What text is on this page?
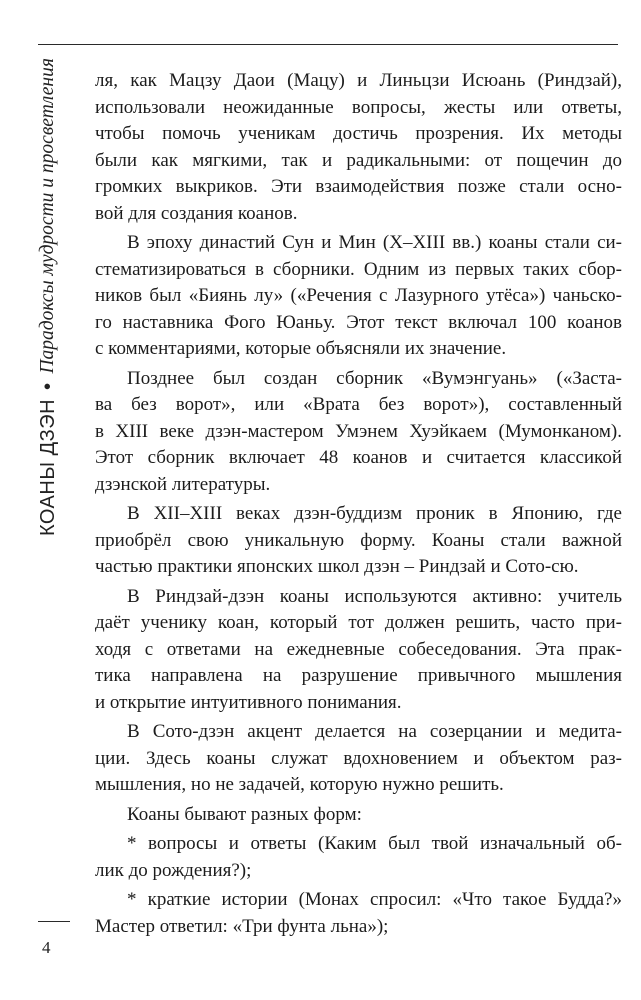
КОАНЫ ДЗЭН • Парадоксы мудрости и просветления	ля, как Мацзу Даои (Мацу) и Линьцзи Исюань (Риндзай),
использовали неожиданные вопросы, жесты или ответы,
чтобы помочь ученикам достичь прозрения. Их методы
были как мягкими, так и радикальными: от пощечин до
громких выкриков. Эти взаимодействия позже стали осно-
вой для создания коанов.
В эпоху династий Сун и Мин (X–XIII вв.) коаны стали си-
стематизироваться в сборники. Одним из первых таких сбор-
ников был «Биянь лу» («Речения с Лазурного утёса») чаньско-
го наставника Фого Юаньу. Этот текст включал 100 коанов
с комментариями, которые объясняли их значение.
Позднее был создан сборник «Вумэнгуань» («Заста-
ва без ворот», или «Врата без ворот»), составленный
в XIII веке дзэн-мастером Умэнем Хуэйкаем (Мумонканом).
Этот сборник включает 48 коанов и считается классикой
дзэнской литературы.
В XII–XIII веках дзэн-буддизм проник в Японию, где
приобрёл свою уникальную форму. Коаны стали важной
частью практики японских школ дзэн – Риндзай и Сото-сю.
В Риндзай-дзэн коаны используются активно: учитель
даёт ученику коан, который тот должен решить, часто при-
ходя с ответами на ежедневные собеседования. Эта прак-
тика направлена на разрушение привычного мышления
и открытие интуитивного понимания.
В Сото-дзэн акцент делается на созерцании и медита-
ции. Здесь коаны служат вдохновением и объектом раз-
мышления, но не задачей, которую нужно решить.
Коаны бывают разных форм:
* вопросы и ответы (Каким был твой изначальный об-
лик до рождения?);
* краткие истории (Монах спросил: «Что такое Будда?»
Мастер ответил: «Три фунта льна»);
4
